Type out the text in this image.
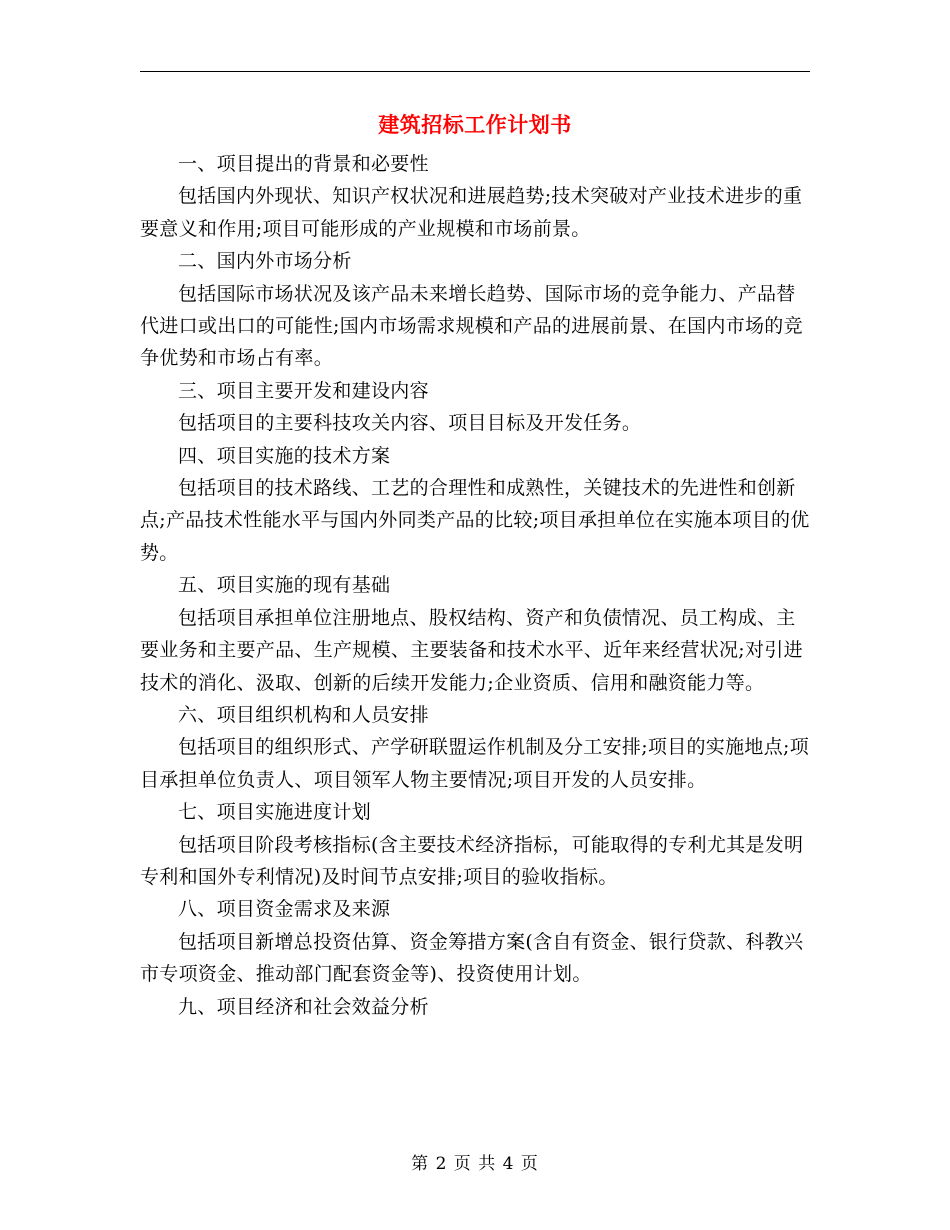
建筑招标工作计划书

一、项目提出的背景和必要性

包括国内外现状、知识产权状况和进展趋势;技术突破对产业技术进步的重要意义和作用;项目可能形成的产业规模和市场前景。

二、国内外市场分析

包括国际市场状况及该产品未来增长趋势、国际市场的竞争能力、产品替代进口或出口的可能性;国内市场需求规模和产品的进展前景、在国内市场的竞争优势和市场占有率。

三、项目主要开发和建设内容

包括项目的主要科技攻关内容、项目目标及开发任务。

四、项目实施的技术方案

包括项目的技术路线、工艺的合理性和成熟性，关键技术的先进性和创新点;产品技术性能水平与国内外同类产品的比较;项目承担单位在实施本项目的优势。

五、项目实施的现有基础

包括项目承担单位注册地点、股权结构、资产和负债情况、员工构成、主要业务和主要产品、生产规模、主要装备和技术水平、近年来经营状况;对引进技术的消化、汲取、创新的后续开发能力;企业资质、信用和融资能力等。

六、项目组织机构和人员安排

包括项目的组织形式、产学研联盟运作机制及分工安排;项目的实施地点;项目承担单位负责人、项目领军人物主要情况;项目开发的人员安排。

七、项目实施进度计划

包括项目阶段考核指标(含主要技术经济指标，可能取得的专利尤其是发明专利和国外专利情况)及时间节点安排;项目的验收指标。

八、项目资金需求及来源

包括项目新增总投资估算、资金筹措方案(含自有资金、银行贷款、科教兴市专项资金、推动部门配套资金等)、投资使用计划。

九、项目经济和社会效益分析

第 2 页 共 4 页
